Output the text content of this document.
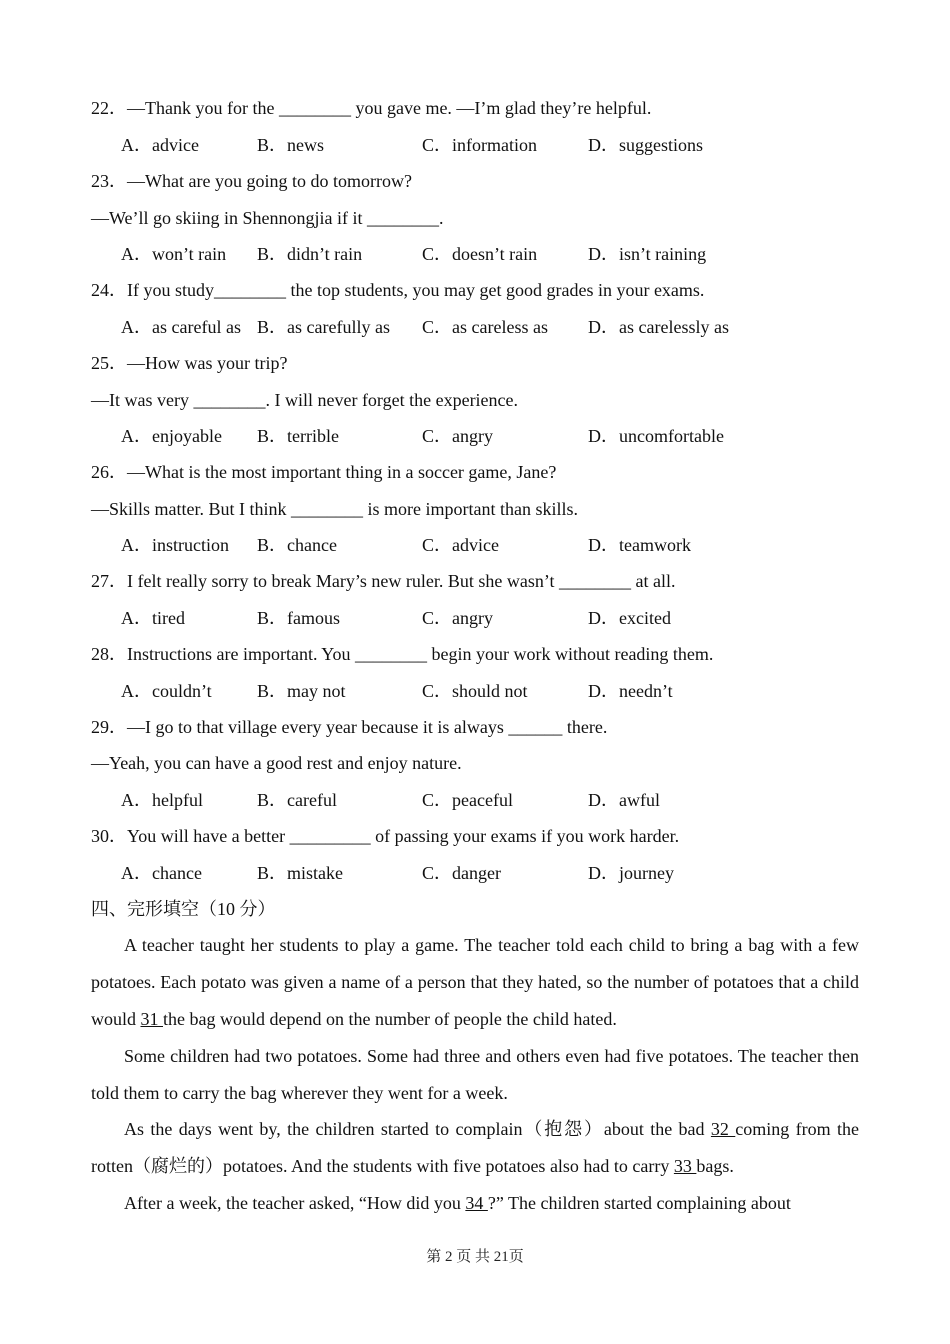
22．—Thank you for the ________ you gave me. —I’m glad they’re helpful.
A．advice	B．news	C．information	D．suggestions
23．—What are you going to do tomorrow?
—We’ll go skiing in Shennongjia if it ________.
A．won’t rain B．didn’t rain	C．doesn’t rain	D．isn’t raining
24．If you study________ the top students, you may get good grades in your exams.
A．as careful as B．as carefully as C．as careless as D．as carelessly as
25．—How was your trip?
—It was very ________. I will never forget the experience.
A．enjoyable B．terrible	C．angry	D．uncomfortable
26．—What is the most important thing in a soccer game, Jane?
—Skills matter. But I think ________ is more important than skills.
A．instruction B．chance	C．advice	D．teamwork
27．I felt really sorry to break Mary’s new ruler. But she wasn’t ________ at all.
A．tired	B．famous	C．angry	D．excited
28．Instructions are important. You ________ begin your work without reading them.
A．couldn’t	B．may not	C．should not	D．needn’t
29．—I go to that village every year because it is always ______ there.
—Yeah, you can have a good rest and enjoy nature.
A．helpful	B．careful	C．peaceful	D．awful
30．You will have a better _________ of passing your exams if you work harder.
A．chance	B．mistake	C．danger	D．journey
四、完形填空（10 分）
A teacher taught her students to play a game. The teacher told each child to bring a bag with a few potatoes. Each potato was given a name of a person that they hated, so the number of potatoes that a child would 31 the bag would depend on the number of people the child hated.
Some children had two potatoes. Some had three and others even had five potatoes. The teacher then told them to carry the bag wherever they went for a week.
As the days went by, the children started to complain（抱怨）about the bad 32 coming from the rotten（腐烂的）potatoes. And the students with five potatoes also had to carry 33 bags.
After a week, the teacher asked, “How did you 34 ?” The children started complaining about
第 2 页 共 21页
